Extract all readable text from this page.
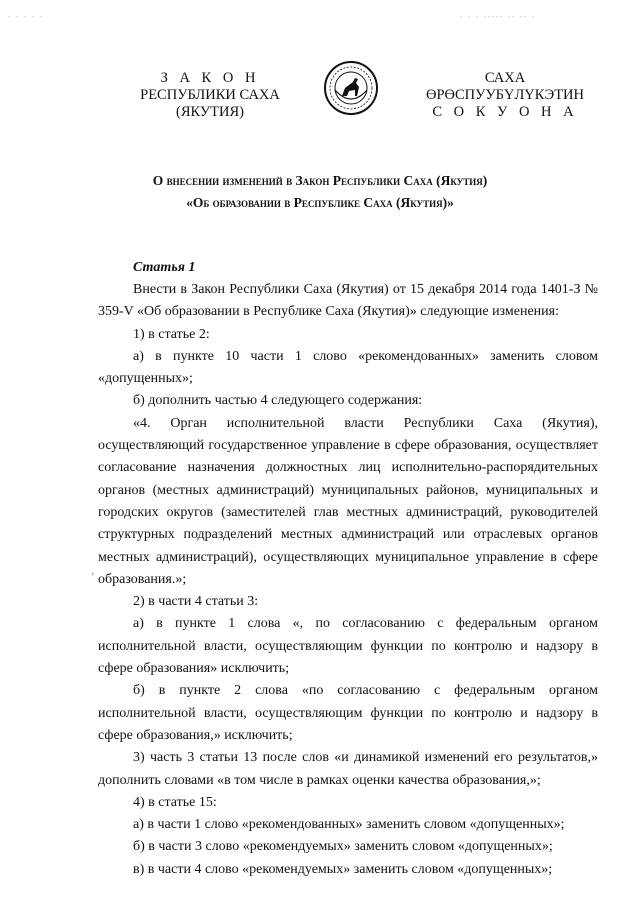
. . . . .	. . . ..... .. .. .
З А К О Н
РЕСПУБЛИКИ САХА (ЯКУТИЯ)
САХА ӨРӨСПУУБҮЛҮКЭТИН
С О К У О Н А
О внесении изменений в Закон Республики Саха (Якутия)
«Об образовании в Республике Саха (Якутия)»
Статья 1
'

Внести в Закон Республики Саха (Якутия) от 15 декабря 2014 года 1401-З № 359-V «Об образовании в Республике Саха (Якутия)» следующие изменения:

1) в статье 2:

а) в пункте 10 части 1 слово «рекомендованных» заменить словом «допущенных»;

б) дополнить частью 4 следующего содержания:

«4. Орган исполнительной власти Республики Саха (Якутия), осуществляющий государственное управление в сфере образования, осуществляет согласование назначения должностных лиц исполнительно-распорядительных органов (местных администраций) муниципальных районов, муниципальных и городских округов (заместителей глав местных администраций, руководителей структурных подразделений местных администраций или отраслевых органов местных администраций), осуществляющих муниципальное управление в сфере образования.»;

2) в части 4 статьи 3:

а) в пункте 1 слова «, по согласованию с федеральным органом исполнительной власти, осуществляющим функции по контролю и надзору в сфере образования» исключить;

б) в пункте 2 слова «по согласованию с федеральным органом исполнительной власти, осуществляющим функции по контролю и надзору в сфере образования,» исключить;

3) часть 3 статьи 13 после слов «и динамикой изменений его результатов,» дополнить словами «в том числе в рамках оценки качества образования,»;

4) в статье 15:

а) в части 1 слово «рекомендованных» заменить словом «допущенных»;

б) в части 3 слово «рекомендуемых» заменить словом «допущенных»;

в) в части 4 слово «рекомендуемых» заменить словом «допущенных»;
